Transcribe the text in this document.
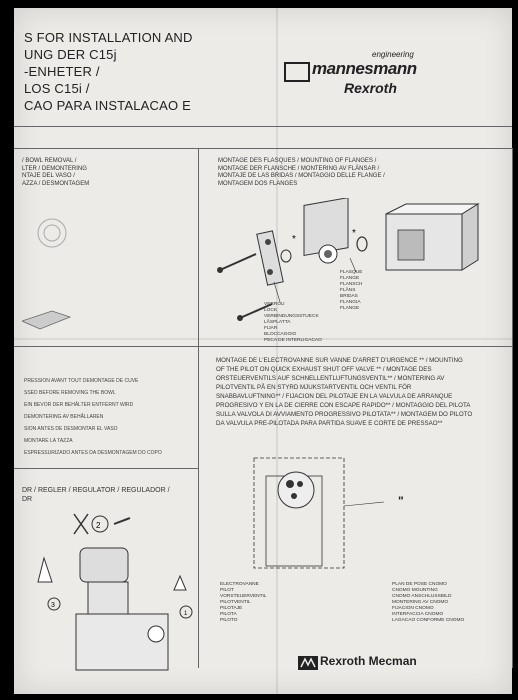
S FOR INSTALLATION AND
UNG DER C15j
-ENHETER /
LOS C15i /
CAO PARA INSTALACAO E
engineering
mannesmann
Rexroth
/ BOWL REMOVAL /
LTER / DEMONTERING
NTAJE DEL VASO /
AZZA / DESMONTAGEM
PRESSION AVANT TOUT DEMONTAGE DE CUVE
SSED BEFORE REMOVING THE BOWL
EIN BEVOR DER BEHÄLTER ENTFERNT WIRD
DEMONTERING AV BEHÅLLAREN
SION ANTES DE DESMONTAR EL VASO
MONTARE LA TAZZA
ESPRESSURIZADO ANTES DA DESMONTAGEM DO COPO
MONTAGE DES FLASQUES / MOUNTING OF FLANGES /
MONTAGE DER FLANSCHE / MONTERING AV FLÄNSAR /
MONTAJE DE LAS BRIDAS / MONTAGGIO DELLE FLANGE /
MONTAGEM DOS FLANGES
*
*
FLASQUE
FLANGE
FLANSCH
FLÄNS
BRIDAS
FLANGIA
FLANGE
VERROU
LOCK
VERBINDUNGSSTUECK
LÅSPLATTA
FIJAR
BLOCCAGGIO
PECA DE INTERLIGACAO
MONTAGE DE L'ELECTROVANNE SUR VANNE D'ARRET D'URGENCE ** / MOUNTING
OF THE PILOT ON QUICK EXHAUST SHUT OFF VALVE ** / MONTAGE DES
ORSTEUERVENTILS AUF SCHNELLENTLUFTUNGSVENTIL** / MONTERING AV
PILOTVENTIL PÅ EN STYRD MJUKSTARTVENTIL OCH VENTIL FÖR
SNABBAVLUFTNING** / FIJACION DEL PILOTAJE EN LA VALVULA DE ARRANQUE
PROGRESIVO Y EN LA DE CIERRE CON ESCAPE RAPIDO** / MONTAGGIO DEL PILOTA
SULLA VALVOLA DI AVVIAMENTO PROGRESSIVO PILOTATA** / MONTAGEM DO PILOTO
DA VALVULA PRE-PILOTADA PARA PARTIDA SUAVE E CORTE DE PRESSAO**
"
ELECTROVANNE
PILOT
VORSTEUERVENTIL
PILOTVENTIL
PILOTAJE
PILOTA
PILOTO
PLAN DE POSE CNOMO
CNOMO MOUNTING
CNOMO ANSCHLUSSBILD
MONTERING AV CNOMO
FIJACION CNOMO
INTERFACCIA CNOMO
LAGACAO CONFORME CNOMO
DR / REGLER / REGULATOR / REGULADOR /
DR
2
3
1
Rexroth Mecman
